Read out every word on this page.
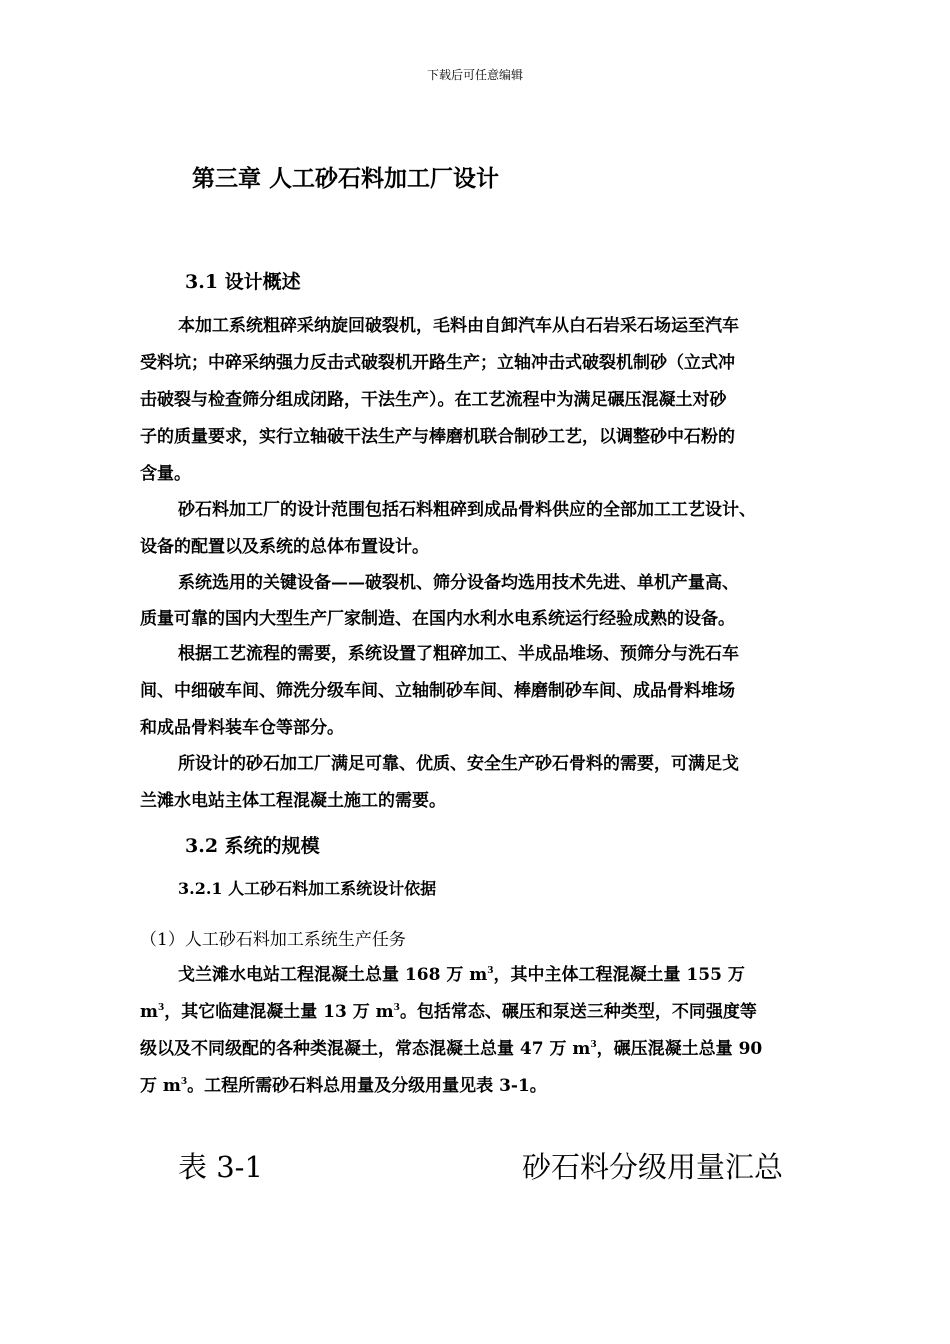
下载后可任意编辑
第三章 人工砂石料加工厂设计
3.1 设计概述
本加工系统粗碎采纳旋回破裂机，毛料由自卸汽车从白石岩采石场运至汽车
受料坑；中碎采纳强力反击式破裂机开路生产；立轴冲击式破裂机制砂（立式冲
击破裂与检查筛分组成闭路，干法生产）。在工艺流程中为满足碾压混凝土对砂
子的质量要求，实行立轴破干法生产与棒磨机联合制砂工艺，以调整砂中石粉的
含量。
砂石料加工厂的设计范围包括石料粗碎到成品骨料供应的全部加工工艺设计、
设备的配置以及系统的总体布置设计。
系统选用的关键设备——破裂机、筛分设备均选用技术先进、单机产量高、
质量可靠的国内大型生产厂家制造、在国内水利水电系统运行经验成熟的设备。
根据工艺流程的需要，系统设置了粗碎加工、半成品堆场、预筛分与洗石车
间、中细破车间、筛洗分级车间、立轴制砂车间、棒磨制砂车间、成品骨料堆场
和成品骨料装车仓等部分。
所设计的砂石加工厂满足可靠、优质、安全生产砂石骨料的需要，可满足戈
兰滩水电站主体工程混凝土施工的需要。
3.2 系统的规模
3.2.1 人工砂石料加工系统设计依据
（1）人工砂石料加工系统生产任务
戈兰滩水电站工程混凝土总量 168 万 $m^3$，其中主体工程混凝土量 155 万
$m^3$，其它临建混凝土量 13 万 $m^3$。包括常态、碾压和泵送三种类型，不同强度等
级以及不同级配的各种类混凝土，常态混凝土总量 47 万 $m^3$，碾压混凝土总量 90
万 $m^3$。工程所需砂石料总用量及分级用量见表 3-1。
表 3-1	砂石料分级用量汇总
